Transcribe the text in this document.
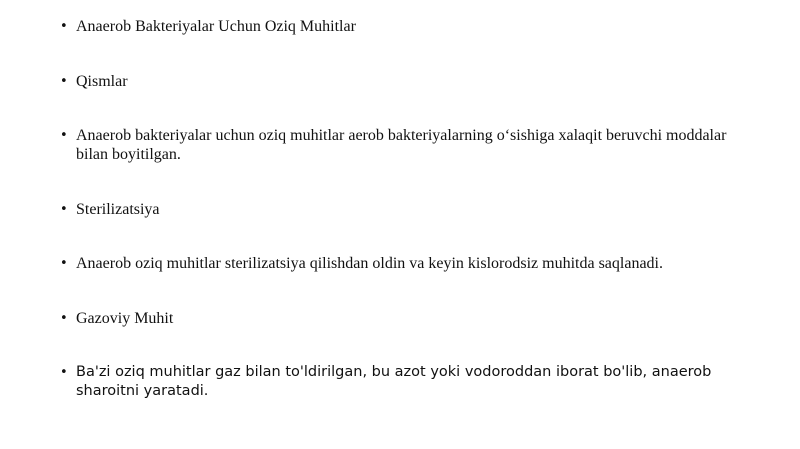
• Anaerob Bakteriyalar Uchun Oziq Muhitlar
• Qismlar
• Anaerob bakteriyalar uchun oziq muhitlar aerob bakteriyalarning o‘sishiga xalaqit beruvchi moddalar bilan boyitilgan.
• Sterilizatsiya
• Anaerob oziq muhitlar sterilizatsiya qilishdan oldin va keyin kislorodsiz muhitda saqlanadi.
• Gazoviy Muhit
• Ba'zi oziq muhitlar gaz bilan to'ldirilgan, bu azot yoki vodoroddan iborat bo'lib, anaerob sharoitni yaratadi.
